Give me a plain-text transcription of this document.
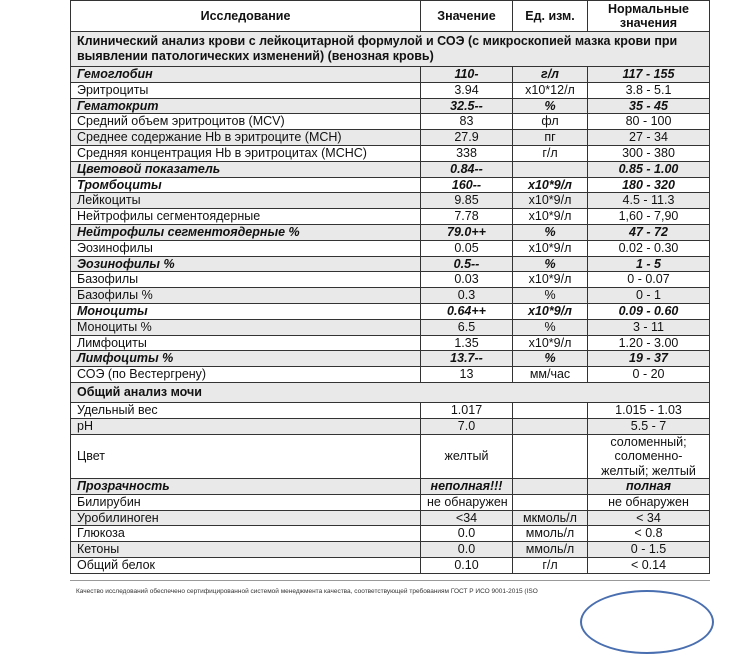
Исследование	Значение	Ед. изм.	Нормальные значения
Клинический анализ крови с лейкоцитарной формулой и СОЭ (с микроскопией мазка крови при выявлении патологических изменений) (венозная кровь)			
Гемоглобин	110-	г/л	117 - 155
Эритроциты	3.94	x10*12/л	3.8 - 5.1
Гематокрит	32.5--	%	35 - 45
Средний объем эритроцитов (MCV)	83	фл	80 - 100
Среднее содержание Hb в эритроците (MCH)	27.9	пг	27 - 34
Средняя концентрация Hb в эритроцитах (MCHC)	338	г/л	300 - 380
Цветовой показатель	0.84--		0.85 - 1.00
Тромбоциты	160--	x10*9/л	180 - 320
Лейкоциты	9.85	x10*9/л	4.5 - 11.3
Нейтрофилы сегментоядерные	7.78	x10*9/л	1,60 - 7,90
Нейтрофилы сегментоядерные %	79.0++	%	47 - 72
Эозинофилы	0.05	x10*9/л	0.02 - 0.30
Эозинофилы %	0.5--	%	1 - 5
Базофилы	0.03	x10*9/л	0 - 0.07
Базофилы %	0.3	%	0 - 1
Моноциты	0.64++	x10*9/л	0.09 - 0.60
Моноциты %	6.5	%	3 - 11
Лимфоциты	1.35	x10*9/л	1.20 - 3.00
Лимфоциты %	13.7--	%	19 - 37
СОЭ (по Вестергрену)	13	мм/час	0 - 20
Общий анализ мочи			
Удельный вес	1.017		1.015 - 1.03
pH	7.0		5.5 - 7
Цвет	желтый		соломенный; соломенно-желтый; желтый
Прозрачность	неполная!!!		полная
Билирубин	не обнаружен		не обнаружен
Уробилиноген	<34	мкмоль/л	< 34
Глюкоза	0.0	ммоль/л	< 0.8
Кетоны	0.0	ммоль/л	0 - 1.5
Общий белок	0.10	г/л	< 0.14
Качество исследований обеспечено сертифицированной системой менеджмента качества, соответствующей требованиям ГОСТ Р ИСО 9001-2015 (ISO
